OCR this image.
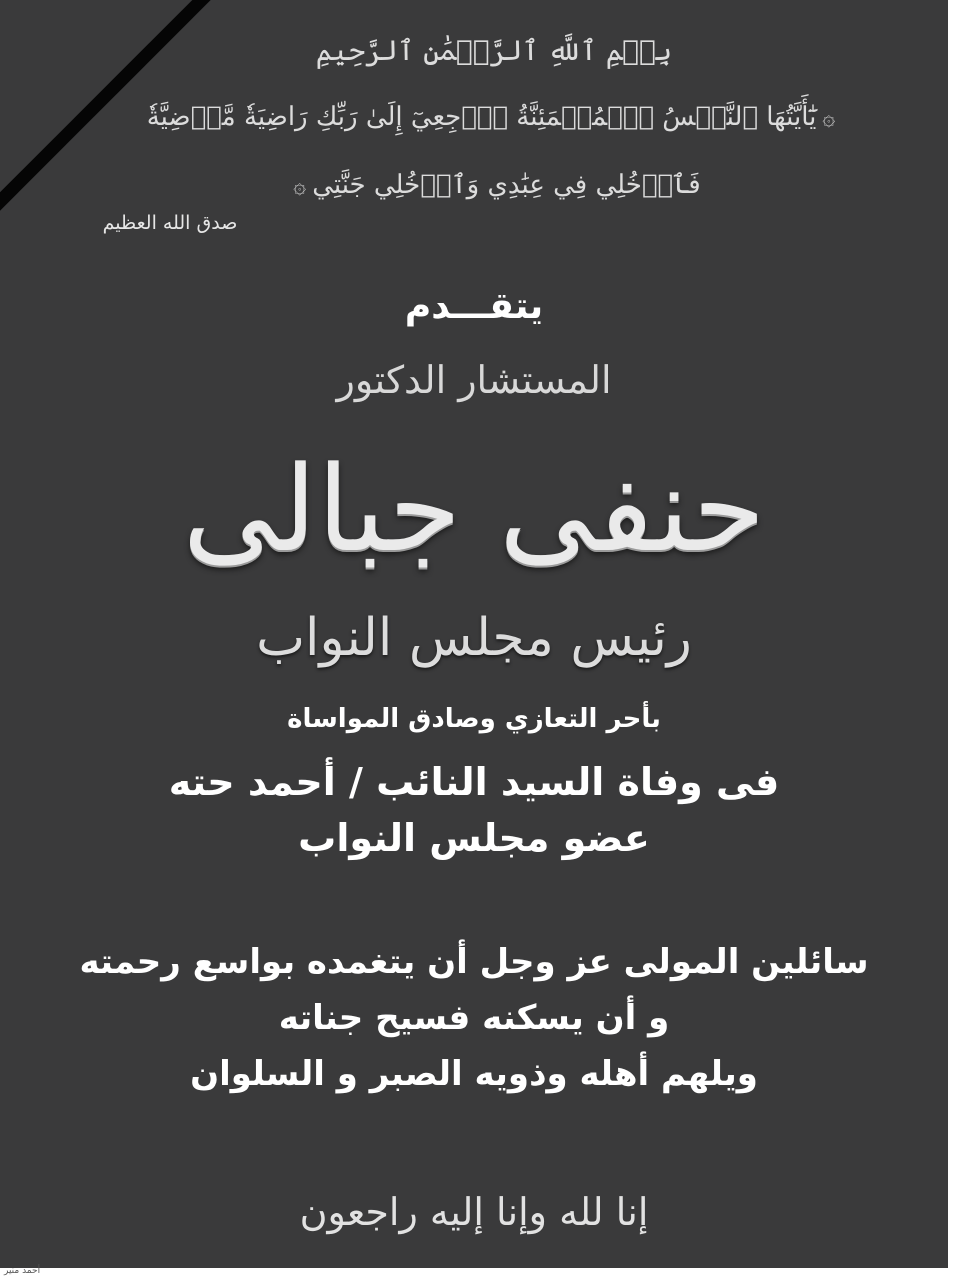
بِسۡمِ ٱللَّهِ ٱلرَّحۡمَٰنِ ٱلرَّحِيمِ

۞يَٰٓأَيَّتُهَا ٱلنَّفۡسُ ٱلۡمُطۡمَئِنَّةُ ٱرۡجِعِيٓ إِلَىٰ رَبِّكِ رَاضِيَةٗ مَّرۡضِيَّةٗ

فَٱدۡخُلِي فِي عِبَٰدِي وَٱدۡخُلِي جَنَّتِي۞

صدق الله العظيم

يتقـــدم

المستشار الدكتور

حنفى جبالى

رئيس مجلس النواب

بأحر التعازي وصادق المواساة

فى وفاة السيد النائب / أحمد حته

عضو مجلس النواب

سائلين المولى عز وجل أن يتغمده بواسع رحمته

و أن يسكنه فسيح جناته

ويلهم أهله وذويه الصبر و السلوان

إنا لله وإنا إليه راجعون

أحمد منير
